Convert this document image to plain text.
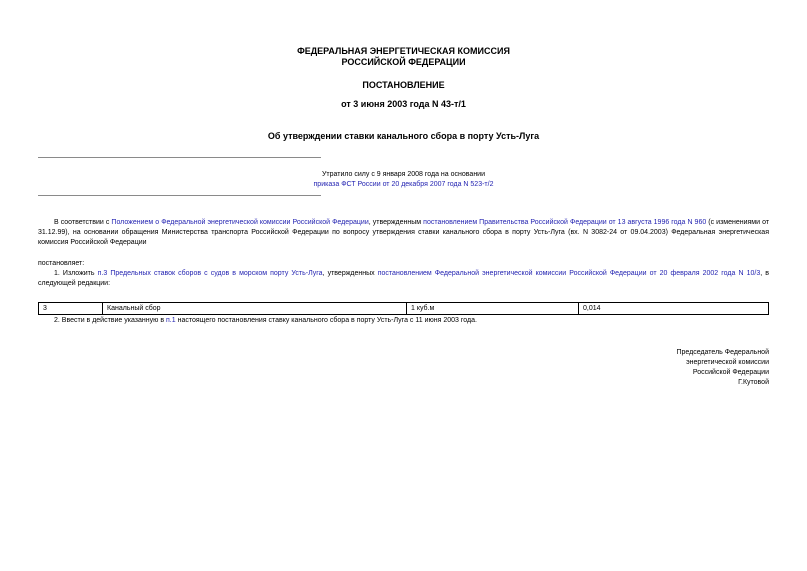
ФЕДЕРАЛЬНАЯ ЭНЕРГЕТИЧЕСКАЯ КОМИССИЯ
РОССИЙСКОЙ ФЕДЕРАЦИИ
ПОСТАНОВЛЕНИЕ
от 3 июня 2003 года N 43-т/1
Об утверждении ставки канального сбора в порту Усть-Луга
Утратило силу с 9 января 2008 года на основании
приказа ФСТ России от 20 декабря 2007 года N 523-т/2
В соответствии с Положением о Федеральной энергетической комиссии Российской Федерации, утвержденным постановлением Правительства Российской Федерации от 13 августа 1996 года N 960 (с изменениями от 31.12.99), на основании обращения Министерства транспорта Российской Федерации по вопросу утверждения ставки канального сбора в порту Усть-Луга (вх. N 3082-24 от 09.04.2003) Федеральная энергетическая комиссия Российской Федерации
постановляет:
1. Изложить п.3 Предельных ставок сборов с судов в морском порту Усть-Луга, утвержденных постановлением Федеральной энергетической комиссии Российской Федерации от 20 февраля 2002 года N 10/3, в следующей редакции:
3	Канальный сбор	1 куб.м	0,014
2. Ввести в действие указанную в п.1 настоящего постановления ставку канального сбора в порту Усть-Луга с 11 июня 2003 года.
Председатель Федеральной
энергетической комиссии
Российской Федерации
Г.Кутовой
